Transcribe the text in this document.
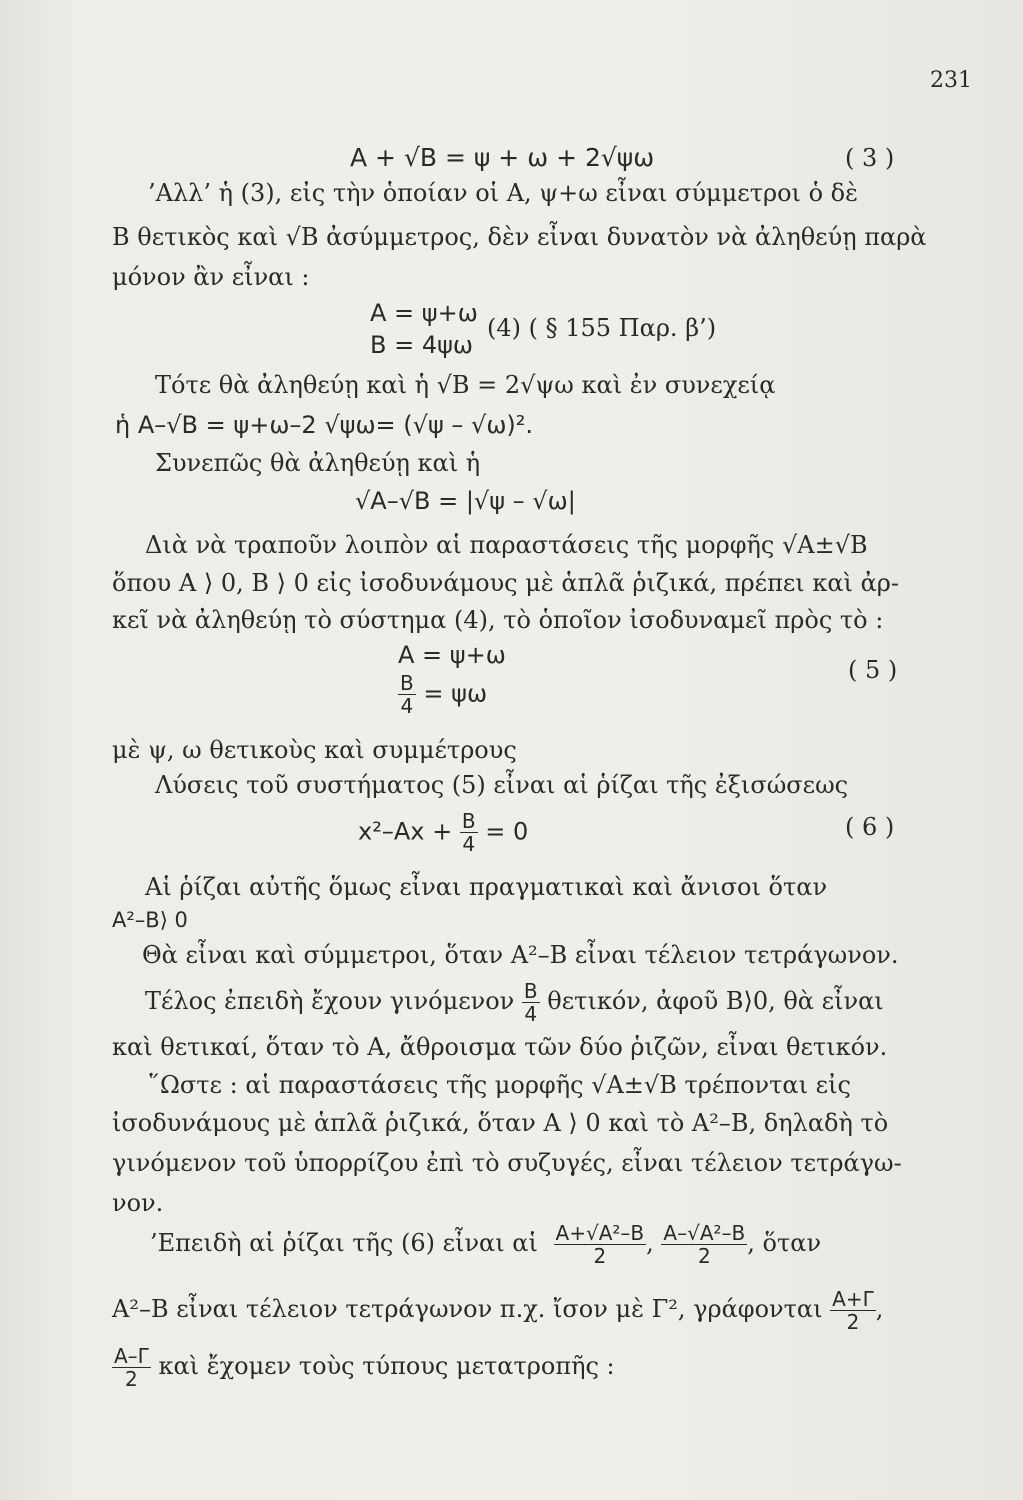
231
Α + √Β = ψ + ω + 2√ψω	( 3 )
’Αλλ’ ἡ (3), εἰς τὴν ὁποίαν οἱ Α, ψ+ω εἶναι σύμμετροι ὁ δὲ
Β θετικὸς καὶ √Β ἀσύμμετρος, δὲν εἶναι δυνατὸν νὰ ἀληθεύῃ παρὰ
μόνον ἂν εἶναι :
Α = ψ+ω
Β = 4ψω
(4) ( § 155 Παρ. β’)
Τότε θὰ ἀληθεύῃ καὶ ἡ √Β = 2√ψω καὶ ἐν συνεχείᾳ
ἡ Α–√Β = ψ+ω–2 √ψω= (√ψ – √ω)².
Συνεπῶς θὰ ἀληθεύῃ καὶ ἡ
√Α–√Β = |√ψ – √ω|
Διὰ νὰ τραποῦν λοιπὸν αἱ παραστάσεις τῆς μορφῆς √Α±√Β
ὅπου Α ⟩ 0, Β ⟩ 0 εἰς ἰσοδυνάμους μὲ ἁπλᾶ ῥιζικά, πρέπει καὶ ἀρ-
κεῖ νὰ ἀληθεύῃ τὸ σύστημα (4), τὸ ὁποῖον ἰσοδυναμεῖ πρὸς τὸ :
Α = ψ+ω
$\frac{B}{4} = \psi\omega$
( 5 )
μὲ ψ, ω θετικοὺς καὶ συμμέτρους
Λύσεις τοῦ συστήματος (5) εἶναι αἱ ῥίζαι τῆς ἐξισώσεως
$x^2-Ax + \frac{B}{4} = 0$	( 6 )
Αἱ ῥίζαι αὐτῆς ὅμως εἶναι πραγματικαὶ καὶ ἄνισοι ὅταν
Α²–Β⟩ 0
Θὰ εἶναι καὶ σύμμετροι, ὅταν Α²–Β εἶναι τέλειον τετράγωνον.
Τέλος ἐπειδὴ ἔχουν γινόμενον $\frac{B}{4} \theta\varepsilon\tau\iota\kappa ό\nu$, ἀφοῦ Β⟩0, θὰ εἶναι
καὶ θετικαί, ὅταν τὸ Α, ἄθροισμα τῶν δύο ῥιζῶν, εἶναι θετικόν.
῞Ωστε : αἱ παραστάσεις τῆς μορφῆς √Α±√Β τρέπονται εἰς
ἰσοδυνάμους μὲ ἁπλᾶ ῥιζικά, ὅταν Α ⟩ 0 καὶ τὸ Α²–Β, δηλαδὴ τὸ
γινόμενον τοῦ ὑπορρίζου ἐπὶ τὸ συζυγές, εἶναι τέλειον τετράγω-
νον.
’Επειδὴ αἱ ῥίζαι τῆς (6) εἶναι αἱ $\frac{\text{Α+√Α²–Β}}{2}$ , $\frac{\text{Α–√Α²–Β}}{2}$ , ὅταν
Α²–Β εἶναι τέλειον τετράγωνον π.χ. ἴσον μὲ Γ², γράφονται $\frac{A+\Gamma}{2}$ ,
$\frac{A-\Gamma}{2}$ καὶ ἔχομεν τοὺς τύπους μετατροπῆς :
